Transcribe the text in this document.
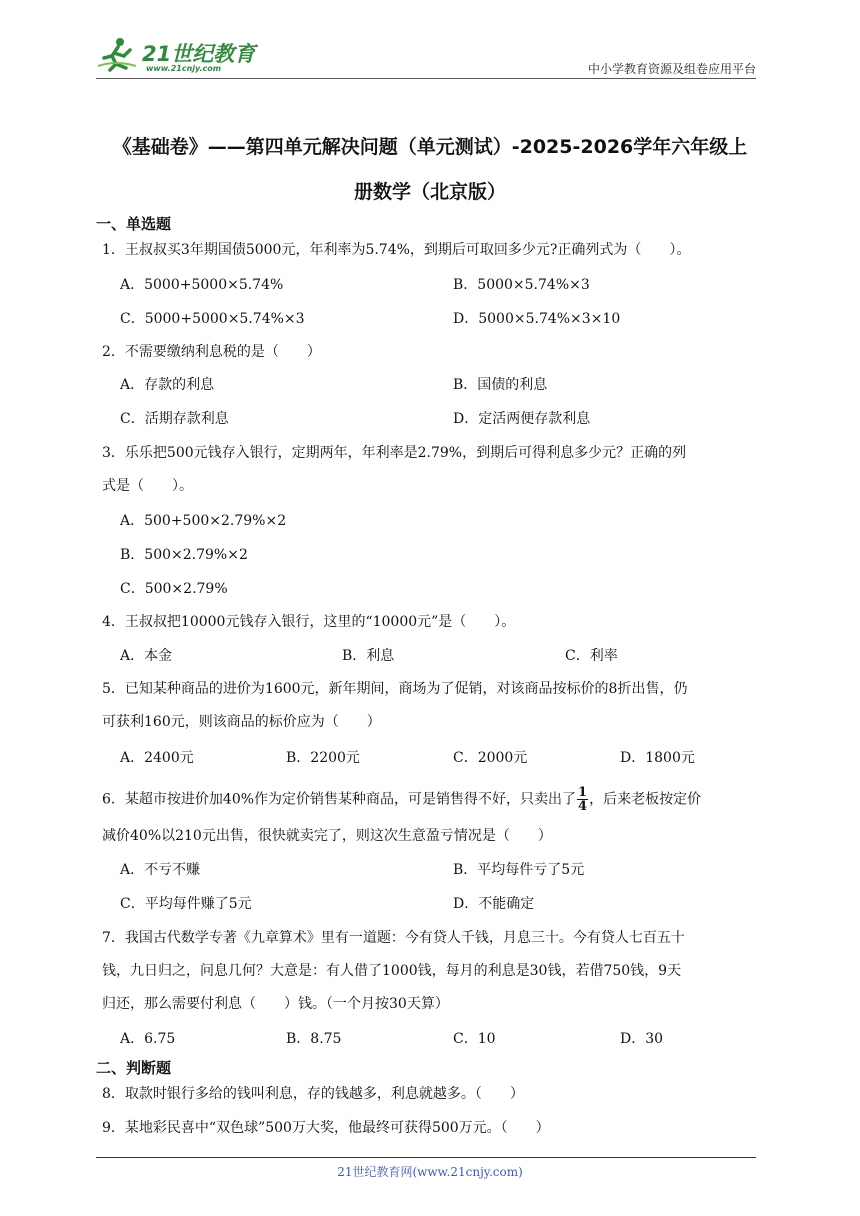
21世纪教育
www.21cnjy.com	中小学教育资源及组卷应用平台
《基础卷》——第四单元解决问题（单元测试）-2025-2026学年六年级上
册数学（北京版）
一、单选题
1．王叔叔买3年期国债5000元，年利率为5.74%，到期后可取回多少元?正确列式为（　　）。
A．5000+5000×5.74%	B．5000×5.74%×3
C．5000+5000×5.74%×3	D．5000×5.74%×3×10
2．不需要缴纳利息税的是（　　）
A．存款的利息	B．国债的利息
C．活期存款利息	D．定活两便存款利息
3．乐乐把500元钱存入银行，定期两年，年利率是2.79%，到期后可得利息多少元？正确的列
式是（　　）。
A．500+500×2.79%×2
B．500×2.79%×2
C．500×2.79%
4．王叔叔把10000元钱存入银行，这里的“10000元”是（　　）。
A．本金	B．利息	C．利率
5．已知某种商品的进价为1600元，新年期间，商场为了促销，对该商品按标价的8折出售，仍
可获利160元，则该商品的标价应为（　　）
A．2400元	B．2200元	C．2000元	D．1800元
6．某超市按进价加40%作为定价销售某种商品，可是销售得不好，只卖出了 $\frac{1}{4}$ ，后来老板按定价
减价40%以210元出售，很快就卖完了，则这次生意盈亏情况是（　　）
A．不亏不赚	B．平均每件亏了5元
C．平均每件赚了5元	D．不能确定
7．我国古代数学专著《九章算术》里有一道题：今有贷人千钱，月息三十。今有贷人七百五十
钱，九日归之，问息几何？大意是：有人借了1000钱，每月的利息是30钱，若借750钱，9天
归还，那么需要付利息（　　）钱。（一个月按30天算）
A．6.75	B．8.75	C．10	D．30
二、判断题
8．取款时银行多给的钱叫利息，存的钱越多，利息就越多。（　　）
9．某地彩民喜中“双色球”500万大奖，他最终可获得500万元。（　　）
21世纪教育网(www.21cnjy.com)
